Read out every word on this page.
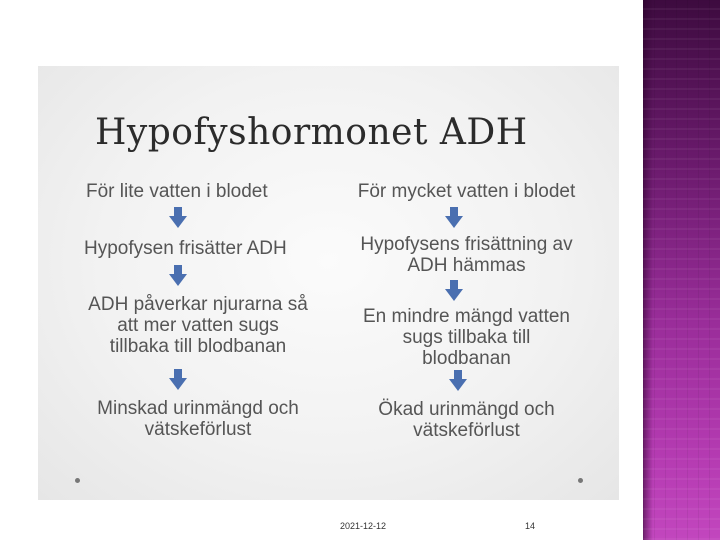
Hypofyshormonet ADH
För lite vatten i blodet
Hypofysen frisätter ADH
ADH påverkar njurarna så
att mer vatten sugs
tillbaka till blodbanan
Minskad urinmängd och
vätskeförlust
För mycket vatten i blodet
Hypofysens frisättning av
ADH hämmas
En mindre mängd vatten
sugs tillbaka till
blodbanan
Ökad urinmängd och
vätskeförlust
2021-12-12	14
